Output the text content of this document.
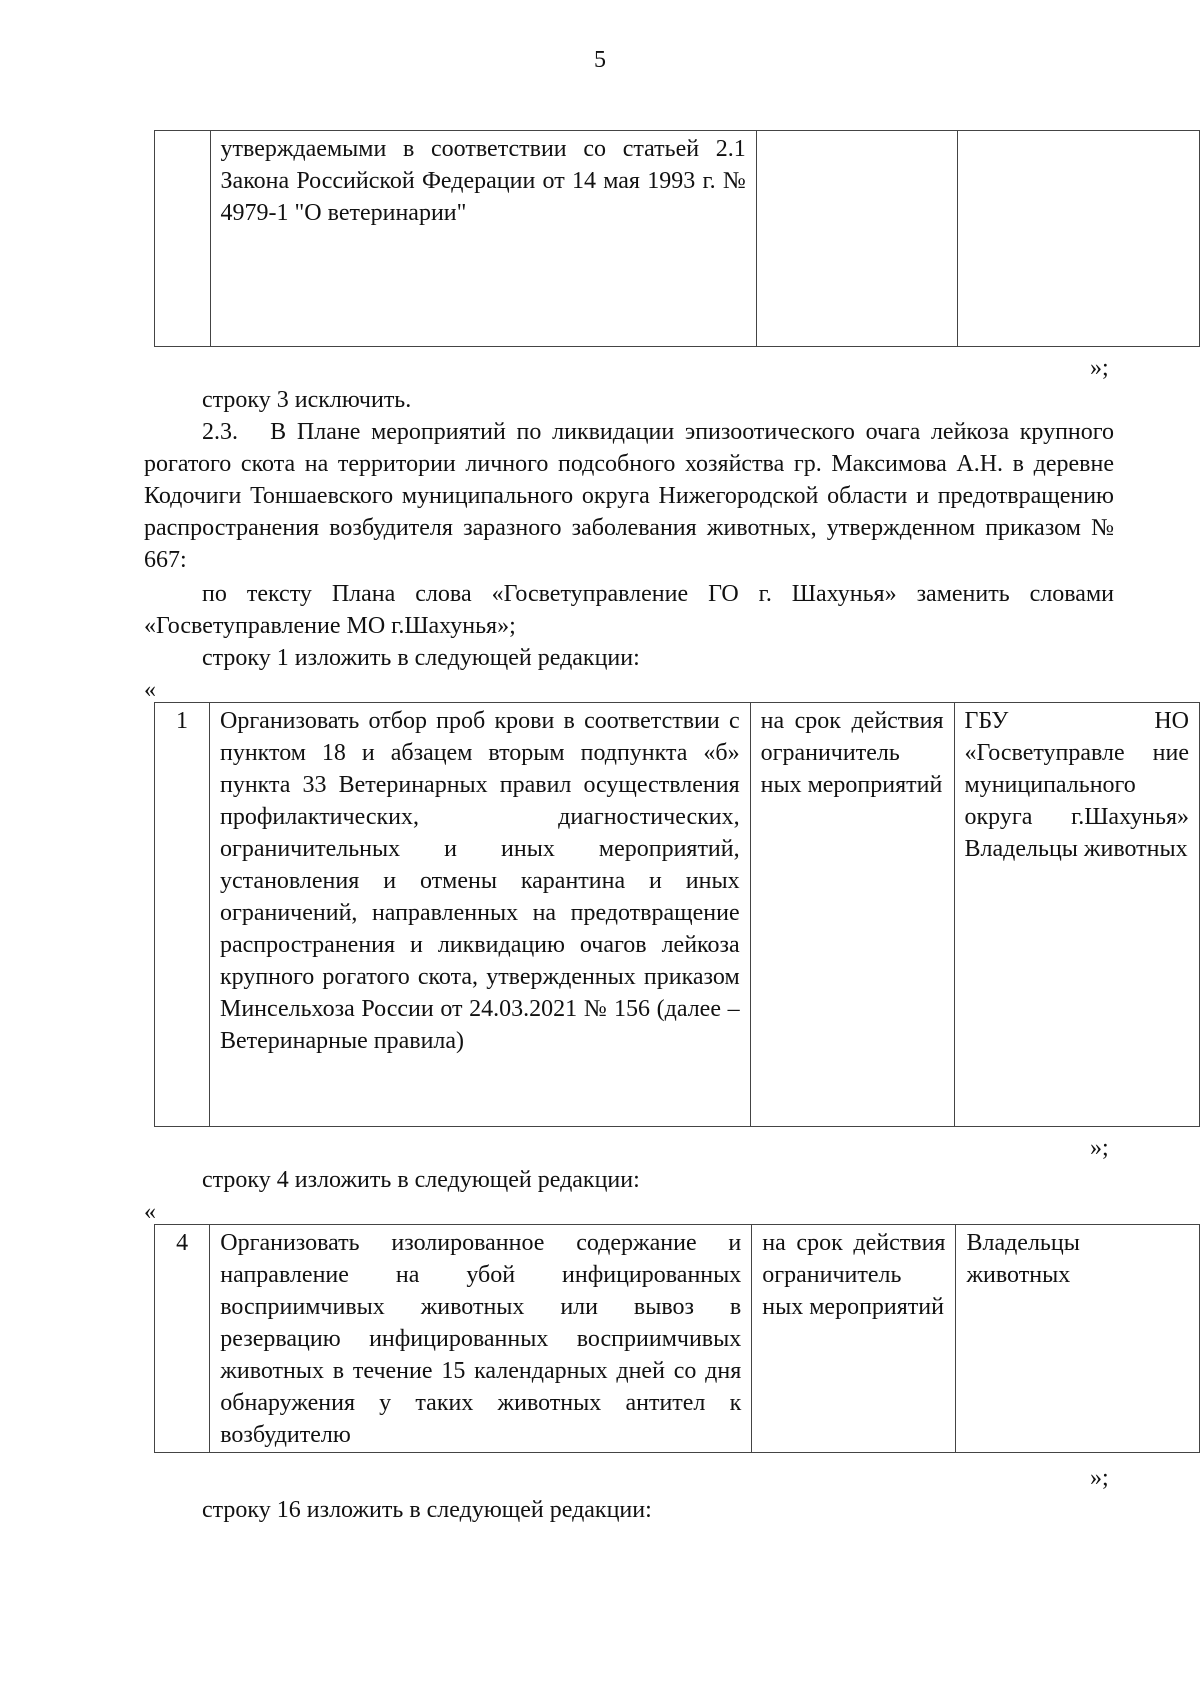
5
	утверждаемыми в соответствии со статьей 2.1 Закона Российской Федерации от 14 мая 1993 г. № 4979-1 "О ветеринарии"		
»;
строку 3 исключить.
2.3.   В Плане мероприятий по ликвидации эпизоотического очага лейкоза крупного рогатого скота на территории личного подсобного хозяйства гр. Максимова А.Н. в деревне Кодочиги Тоншаевского муниципального округа Нижегородской области и предотвращению распространения возбудителя заразного заболевания животных, утвержденном приказом № 667:
по тексту Плана слова «Госветуправление ГО г. Шахунья» заменить словами «Госветуправление МО г.Шахунья»;
строку 1 изложить в следующей редакции:
«
1	Организовать отбор проб крови в соответствии с пунктом 18 и абзацем вторым подпункта «б» пункта 33 Ветеринарных правил осуществления профилактических, диагностических, ограничительных и иных мероприятий, установления и отмены карантина и иных ограничений, направленных на предотвращение распространения и ликвидацию очагов лейкоза крупного рогатого скота, утвержденных приказом Минсельхоза России от 24.03.2021 № 156 (далее – Ветеринарные правила)	на срок действия ограничитель ных мероприятий	ГБУ НО «Госветуправле ние муниципального округа г.Шахунья» Владельцы животных
»;
строку 4 изложить в следующей редакции:
«
4	Организовать изолированное содержание и направление на убой инфицированных восприимчивых животных или вывоз в резервацию инфицированных восприимчивых животных в течение 15 календарных дней со дня обнаружения у таких животных антител к возбудителю	на срок действия ограничитель ных мероприятий	Владельцы животных
»;
строку 16 изложить в следующей редакции:
